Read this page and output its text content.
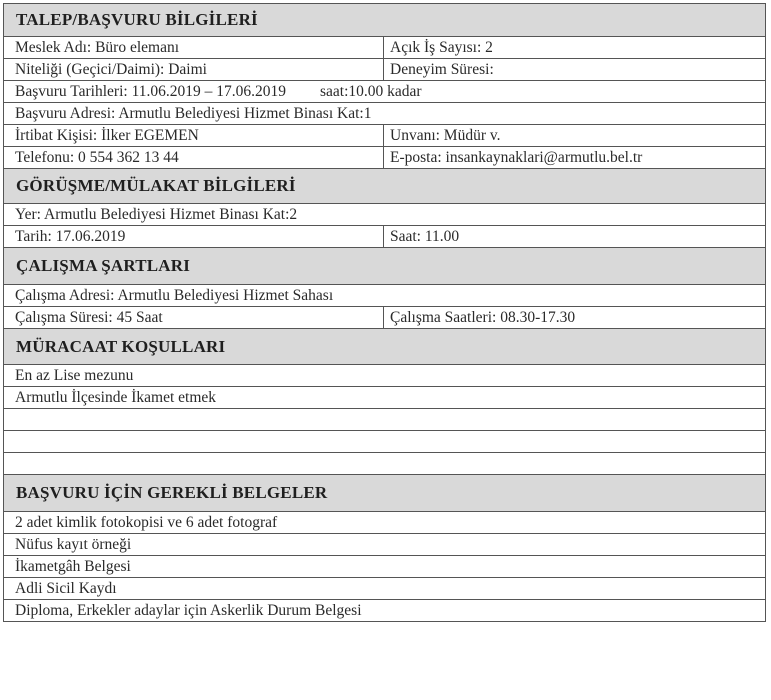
TALEP/BAŞVURU BİLGİLERİ
Meslek Adı: Büro elemanı	Açık İş Sayısı: 2
Niteliği (Geçici/Daimi): Daimi	Deneyim Süresi:
Başvuru Tarihleri: 11.06.2019 – 17.06.2019 saat:10.00 kadar
Başvuru Adresi: Armutlu Belediyesi Hizmet Binası Kat:1
İrtibat Kişisi: İlker EGEMEN	Unvanı: Müdür v.
Telefonu: 0 554 362 13 44	E-posta: insankaynaklari@armutlu.bel.tr
GÖRÜŞME/MÜLAKAT BİLGİLERİ
Yer: Armutlu Belediyesi Hizmet Binası Kat:2
Tarih: 17.06.2019	Saat: 11.00
ÇALIŞMA ŞARTLARI
Çalışma Adresi: Armutlu Belediyesi Hizmet Sahası
Çalışma Süresi: 45 Saat	Çalışma Saatleri: 08.30-17.30
MÜRACAAT KOŞULLARI
En az Lise mezunu
Armutlu İlçesinde İkamet etmek
BAŞVURU İÇİN GEREKLİ BELGELER
2 adet kimlik fotokopisi ve 6 adet fotograf
Nüfus kayıt örneği
İkametgâh Belgesi
Adli Sicil Kaydı
Diploma, Erkekler adaylar için Askerlik Durum Belgesi
